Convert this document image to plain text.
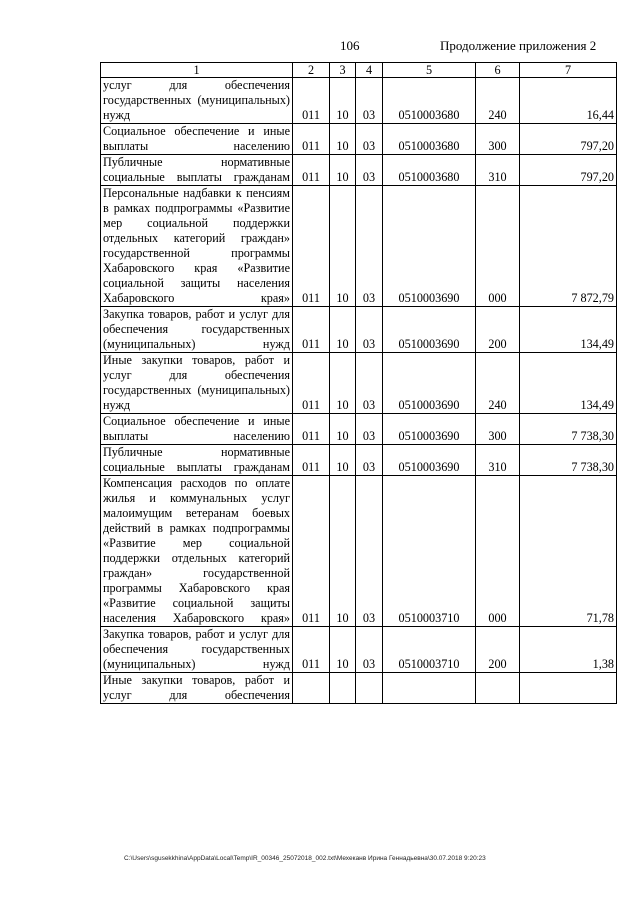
106	Продолжение приложения 2
1	2	3	4	5	6	7
услуг для обеспечения государственных (муниципальных) нужд	011	10	03	0510003680	240	16,44
Социальное обеспечение и иные выплаты населению	011	10	03	0510003680	300	797,20
Публичные нормативные социальные выплаты гражданам	011	10	03	0510003680	310	797,20
Персональные надбавки к пенсиям в рамках подпрограммы «Развитие мер социальной поддержки отдельных категорий граждан» государственной программы Хабаровского края «Развитие социальной защиты населения Хабаровского края»	011	10	03	0510003690	000	7 872,79
Закупка товаров, работ и услуг для обеспечения государственных (муниципальных) нужд	011	10	03	0510003690	200	134,49
Иные закупки товаров, работ и услуг для обеспечения государственных (муниципальных) нужд	011	10	03	0510003690	240	134,49
Социальное обеспечение и иные выплаты населению	011	10	03	0510003690	300	7 738,30
Публичные нормативные социальные выплаты гражданам	011	10	03	0510003690	310	7 738,30
Компенсация расходов по оплате жилья и коммунальных услуг малоимущим ветеранам боевых действий в рамках подпрограммы «Развитие мер социальной поддержки отдельных категорий граждан» государственной программы Хабаровского края «Развитие социальной защиты населения Хабаровского края»	011	10	03	0510003710	000	71,78
Закупка товаров, работ и услуг для обеспечения государственных (муниципальных) нужд	011	10	03	0510003710	200	1,38
Иные закупки товаров, работ и услуг для обеспечения						
C:\Users\sgusekkhina\AppData\Local\Temp\IR_00346_25072018_002.txt\Мехеканв Ирина Геннадьевна\30.07.2018 9:20:23
